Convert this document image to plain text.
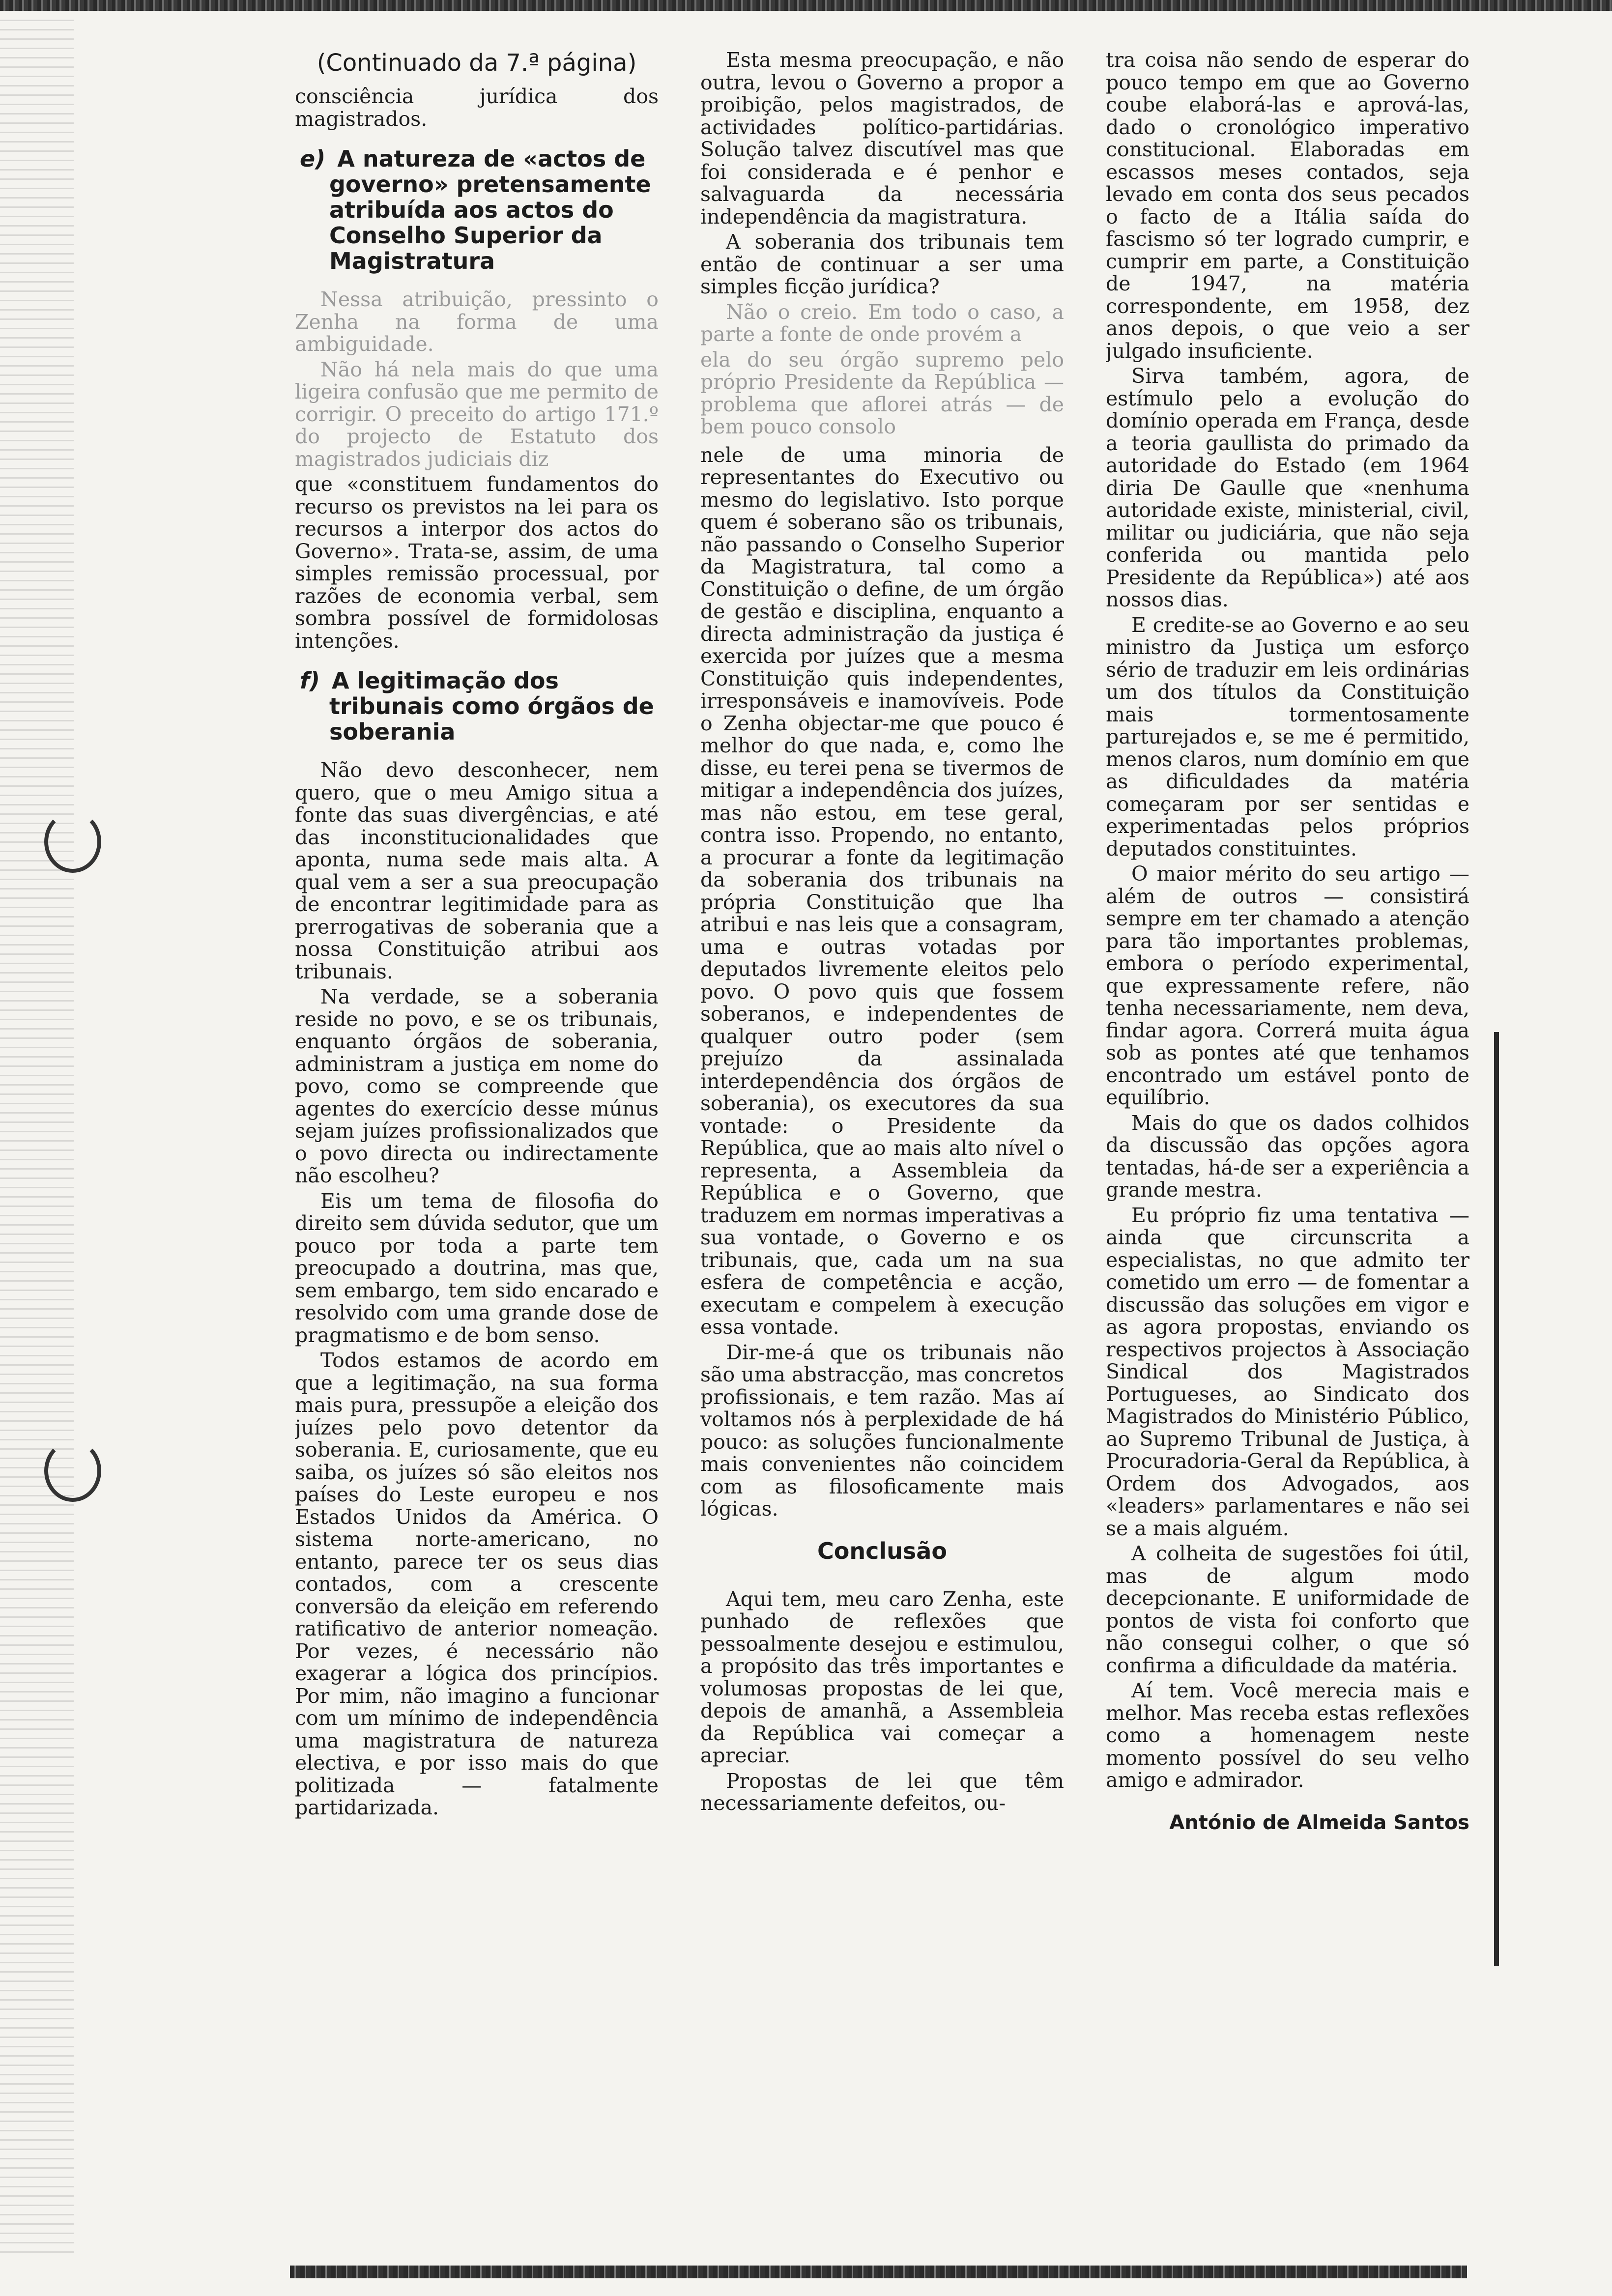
(Continuado da 7.ª página)

consciência jurídica dos magistrados.

e) A natureza de «actos de governo» pretensamente atribuída aos actos do Conselho Superior da Magistratura

Nessa atribuição, pressinto o Zenha na forma de uma ambiguidade.

Não há nela mais do que uma ligeira confusão que me permito de corrigir. O preceito do artigo 171.º do projecto de Estatuto dos magistrados judiciais diz

que «constituem fundamentos do recurso os previstos na lei para os recursos a interpor dos actos do Governo». Trata-se, assim, de uma simples remissão processual, por razões de economia verbal, sem sombra possível de formidolosas intenções.

f) A legitimação dos tribunais como órgãos de soberania

Não devo desconhecer, nem quero, que o meu Amigo situa a fonte das suas divergências, e até das inconstitucionalidades que aponta, numa sede mais alta. A qual vem a ser a sua preocupação de encontrar legitimidade para as prerrogativas de soberania que a nossa Constituição atribui aos tribunais.

Na verdade, se a soberania reside no povo, e se os tribunais, enquanto órgãos de soberania, administram a justiça em nome do povo, como se compreende que agentes do exercício desse múnus sejam juízes profissionalizados que o povo directa ou indirectamente não escolheu?

Eis um tema de filosofia do direito sem dúvida sedutor, que um pouco por toda a parte tem preocupado a doutrina, mas que, sem embargo, tem sido encarado e resolvido com uma grande dose de pragmatismo e de bom senso.

Todos estamos de acordo em que a legitimação, na sua forma mais pura, pressupõe a eleição dos juízes pelo povo detentor da soberania. E, curiosamente, que eu saiba, os juízes só são eleitos nos países do Leste europeu e nos Estados Unidos da América. O sistema norte-americano, no entanto, parece ter os seus dias contados, com a crescente conversão da eleição em referendo ratificativo de anterior nomeação. Por vezes, é necessário não exagerar a lógica dos princípios. Por mim, não imagino a funcionar com um mínimo de independência uma magistratura de natureza electiva, e por isso mais do que politizada — fatalmente partidarizada.

Esta mesma preocupação, e não outra, levou o Governo a propor a proibição, pelos magistrados, de actividades político-partidárias. Solução talvez discutível mas que foi considerada e é penhor e salvaguarda da necessária independência da magistratura.

A soberania dos tribunais tem então de continuar a ser uma simples ficção jurídica?

Não o creio. Em todo o caso, a parte a fonte de onde provém a

ela do seu órgão supremo pelo próprio Presidente da República — problema que aflorei atrás — de bem pouco consolo

nele de uma minoria de representantes do Executivo ou mesmo do legislativo. Isto porque quem é soberano são os tribunais, não passando o Conselho Superior da Magistratura, tal como a Constituição o define, de um órgão de gestão e disciplina, enquanto a directa administração da justiça é exercida por juízes que a mesma Constituição quis independentes, irresponsáveis e inamovíveis. Pode o Zenha objectar-me que pouco é melhor do que nada, e, como lhe disse, eu terei pena se tivermos de mitigar a independência dos juízes, mas não estou, em tese geral, contra isso. Propendo, no entanto, a procurar a fonte da legitimação da soberania dos tribunais na própria Constituição que lha atribui e nas leis que a consagram, uma e outras votadas por deputados livremente eleitos pelo povo. O povo quis que fossem soberanos, e independentes de qualquer outro poder (sem prejuízo da assinalada interdependência dos órgãos de soberania), os executores da sua vontade: o Presidente da República, que ao mais alto nível o representa, a Assembleia da República e o Governo, que traduzem em normas imperativas a sua vontade, o Governo e os tribunais, que, cada um na sua esfera de competência e acção, executam e compelem à execução essa vontade.

Dir-me-á que os tribunais não são uma abstracção, mas concretos profissionais, e tem razão. Mas aí voltamos nós à perplexidade de há pouco: as soluções funcionalmente mais convenientes não coincidem com as filosoficamente mais lógicas.

Conclusão

Aqui tem, meu caro Zenha, este punhado de reflexões que pessoalmente desejou e estimulou, a propósito das três importantes e volumosas propostas de lei que, depois de amanhã, a Assembleia da República vai começar a apreciar.

Propostas de lei que têm necessariamente defeitos, ou-

tra coisa não sendo de esperar do pouco tempo em que ao Governo coube elaborá-las e aprová-las, dado o cronológico imperativo constitucional. Elaboradas em escassos meses contados, seja levado em conta dos seus pecados o facto de a Itália saída do fascismo só ter logrado cumprir, e cumprir em parte, a Constituição de 1947, na matéria correspondente, em 1958, dez anos depois, o que veio a ser julgado insuficiente.

Sirva também, agora, de estímulo pelo a evolução do domínio operada em França, desde a teoria gaullista do primado da autoridade do Estado (em 1964 diria De Gaulle que «nenhuma autoridade existe, ministerial, civil, militar ou judiciária, que não seja conferida ou mantida pelo Presidente da República») até aos nossos dias.

E credite-se ao Governo e ao seu ministro da Justiça um esforço sério de traduzir em leis ordinárias um dos títulos da Constituição mais tormentosamente parturejados e, se me é permitido, menos claros, num domínio em que as dificuldades da matéria começaram por ser sentidas e experimentadas pelos próprios deputados constituintes.

O maior mérito do seu artigo — além de outros — consistirá sempre em ter chamado a atenção para tão importantes problemas, embora o período experimental, que expressamente refere, não tenha necessariamente, nem deva, findar agora. Correrá muita água sob as pontes até que tenhamos encontrado um estável ponto de equilíbrio.

Mais do que os dados colhidos da discussão das opções agora tentadas, há-de ser a experiência a grande mestra.

Eu próprio fiz uma tentativa — ainda que circunscrita a especialistas, no que admito ter cometido um erro — de fomentar a discussão das soluções em vigor e as agora propostas, enviando os respectivos projectos à Associação Sindical dos Magistrados Portugueses, ao Sindicato dos Magistrados do Ministério Público, ao Supremo Tribunal de Justiça, à Procuradoria-Geral da República, à Ordem dos Advogados, aos «leaders» parlamentares e não sei se a mais alguém.

A colheita de sugestões foi útil, mas de algum modo decepcionante. E uniformidade de pontos de vista foi conforto que não consegui colher, o que só confirma a dificuldade da matéria.

Aí tem. Você merecia mais e melhor. Mas receba estas reflexões como a homenagem neste momento possível do seu velho amigo e admirador.

António de Almeida Santos
